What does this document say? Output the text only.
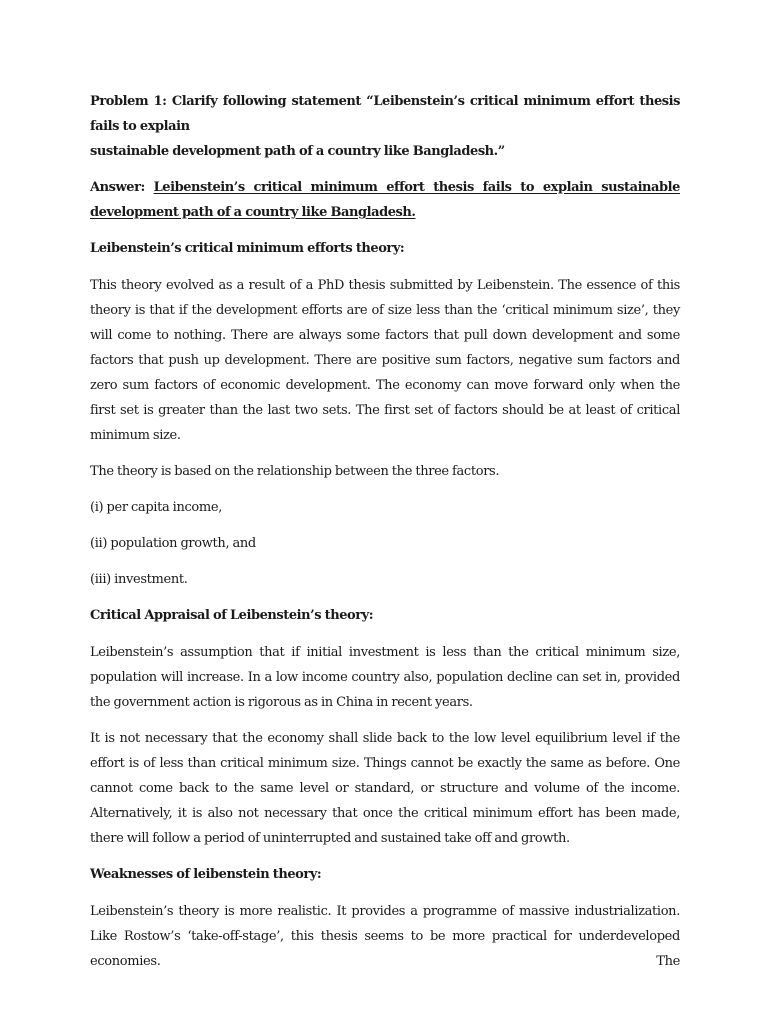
Problem 1: Clarify following statement “Leibenstein’s critical minimum effort thesis fails to explain
sustainable development path of a country like Bangladesh.”

Answer: Leibenstein’s critical minimum effort thesis fails to explain sustainable development path of a country like Bangladesh.

Leibenstein’s critical minimum efforts theory:

This theory evolved as a result of a PhD thesis submitted by Leibenstein. The essence of this theory is that if the development efforts are of size less than the ‘critical minimum size’, they will come to nothing. There are always some factors that pull down development and some factors that push up development. There are positive sum factors, negative sum factors and zero sum factors of economic development. The economy can move forward only when the first set is greater than the last two sets. The first set of factors should be at least of critical minimum size.

The theory is based on the relationship between the three factors.

(i) per capita income,

(ii) population growth, and

(iii) investment.

Critical Appraisal of Leibenstein’s theory:

Leibenstein’s assumption that if initial investment is less than the critical minimum size, population will increase. In a low income country also, population decline can set in, provided the government action is rigorous as in China in recent years.

It is not necessary that the economy shall slide back to the low level equilibrium level if the effort is of less than critical minimum size. Things cannot be exactly the same as before. One cannot come back to the same level or standard, or structure and volume of the income. Alternatively, it is also not necessary that once the critical minimum effort has been made, there will follow a period of uninterrupted and sustained take off and growth.

Weaknesses of leibenstein theory:

Leibenstein’s theory is more realistic. It provides a programme of massive industrialization. Like Rostow’s ‘take-off-stage’, this thesis seems to be more practical for underdeveloped economies. The
